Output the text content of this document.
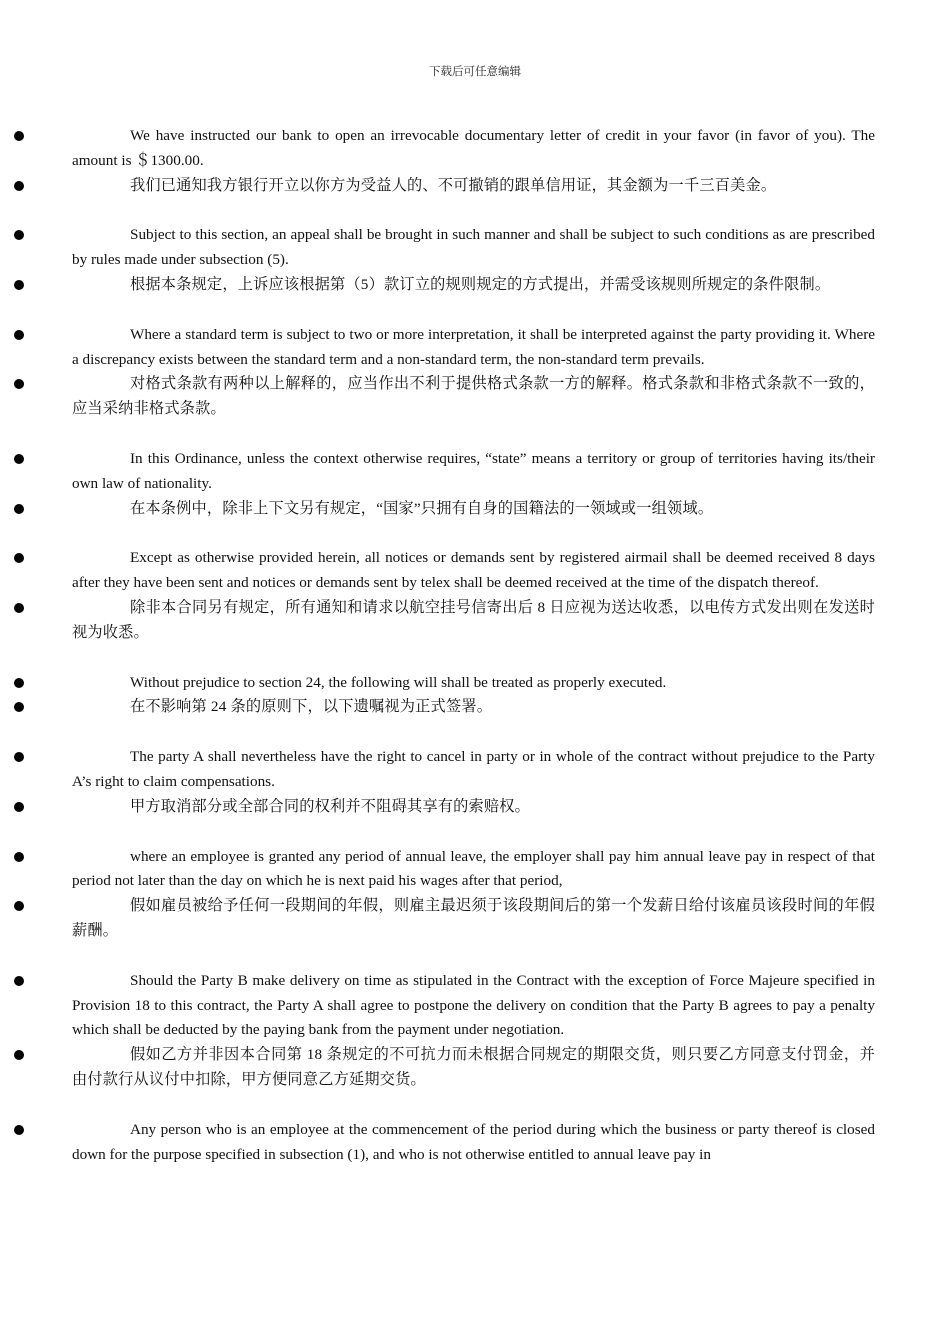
下载后可任意编辑

We have instructed our bank to open an irrevocable documentary letter of credit in your favor (in favor of you). The amount is ＄1300.00.

我们已通知我方银行开立以你方为受益人的、不可撤销的跟单信用证，其金额为一千三百美金。

Subject to this section, an appeal shall be brought in such manner and shall be subject to such conditions as are prescribed by rules made under subsection (5).

根据本条规定，上诉应该根据第（5）款订立的规则规定的方式提出，并需受该规则所规定的条件限制。

Where a standard term is subject to two or more interpretation, it shall be interpreted against the party providing it. Where a discrepancy exists between the standard term and a non-standard term, the non-standard term prevails.

对格式条款有两种以上解释的，应当作出不利于提供格式条款一方的解释。格式条款和非格式条款不一致的，应当采纳非格式条款。

In this Ordinance, unless the context otherwise requires, “state” means a territory or group of territories having its/their own law of nationality.

在本条例中，除非上下文另有规定，“国家”只拥有自身的国籍法的一领域或一组领域。

Except as otherwise provided herein, all notices or demands sent by registered airmail shall be deemed received 8 days after they have been sent and notices or demands sent by telex shall be deemed received at the time of the dispatch thereof.

除非本合同另有规定，所有通知和请求以航空挂号信寄出后 8 日应视为送达收悉，以电传方式发出则在发送时视为收悉。

Without prejudice to section 24, the following will shall be treated as properly executed.

在不影响第 24 条的原则下，以下遗嘱视为正式签署。

The party A shall nevertheless have the right to cancel in party or in whole of the contract without prejudice to the Party A’s right to claim compensations.

甲方取消部分或全部合同的权利并不阻碍其享有的索赔权。

where an employee is granted any period of annual leave, the employer shall pay him annual leave pay in respect of that period not later than the day on which he is next paid his wages after that period,

假如雇员被给予任何一段期间的年假，则雇主最迟须于该段期间后的第一个发薪日给付该雇员该段时间的年假薪酬。

Should the Party B make delivery on time as stipulated in the Contract with the exception of Force Majeure specified in Provision 18 to this contract, the Party A shall agree to postpone the delivery on condition that the Party B agrees to pay a penalty which shall be deducted by the paying bank from the payment under negotiation.

假如乙方并非因本合同第 18 条规定的不可抗力而未根据合同规定的期限交货，则只要乙方同意支付罚金，并由付款行从议付中扣除，甲方便同意乙方延期交货。

Any person who is an employee at the commencement of the period during which the business or party thereof is closed down for the purpose specified in subsection (1), and who is not otherwise entitled to annual leave pay in
